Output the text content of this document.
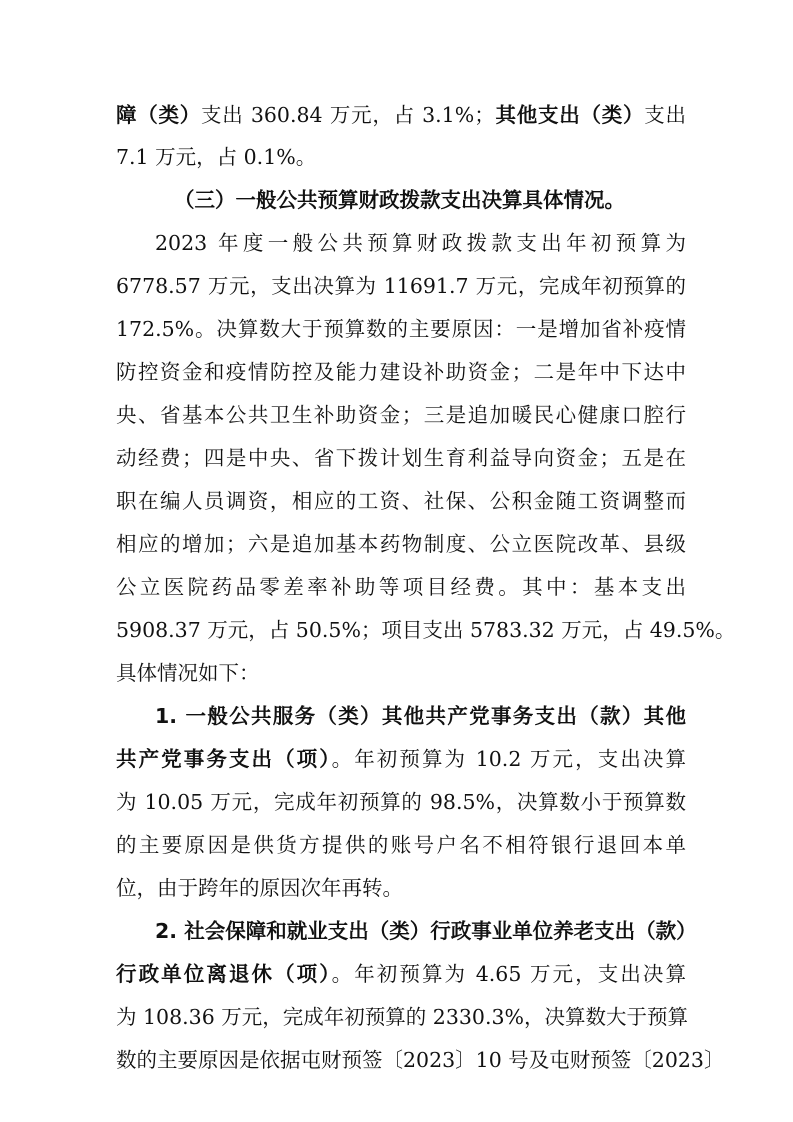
障（类）支出 360.84 万元，占 3.1%；其他支出（类）支出
7.1 万元，占 0.1%。
（三）一般公共预算财政拨款支出决算具体情况。
2023 年度一般公共预算财政拨款支出年初预算为
6778.57 万元，支出决算为 11691.7 万元，完成年初预算的
172.5%。决算数大于预算数的主要原因：一是增加省补疫情
防控资金和疫情防控及能力建设补助资金；二是年中下达中
央、省基本公共卫生补助资金；三是追加暖民心健康口腔行
动经费；四是中央、省下拨计划生育利益导向资金；五是在
职在编人员调资，相应的工资、社保、公积金随工资调整而
相应的增加；六是追加基本药物制度、公立医院改革、县级
公立医院药品零差率补助等项目经费。其中：基本支出
5908.37 万元，占 50.5%；项目支出 5783.32 万元，占 49.5%。
具体情况如下：
1. 一般公共服务（类）其他共产党事务支出（款）其他
共产党事务支出（项）。年初预算为 10.2 万元，支出决算
为 10.05 万元，完成年初预算的 98.5%，决算数小于预算数
的主要原因是供货方提供的账号户名不相符银行退回本单
位，由于跨年的原因次年再转。
2. 社会保障和就业支出（类）行政事业单位养老支出（款）
行政单位离退休（项）。年初预算为 4.65 万元，支出决算
为 108.36 万元，完成年初预算的 2330.3%，决算数大于预算
数的主要原因是依据屯财预签〔2023〕10 号及屯财预签〔2023〕
